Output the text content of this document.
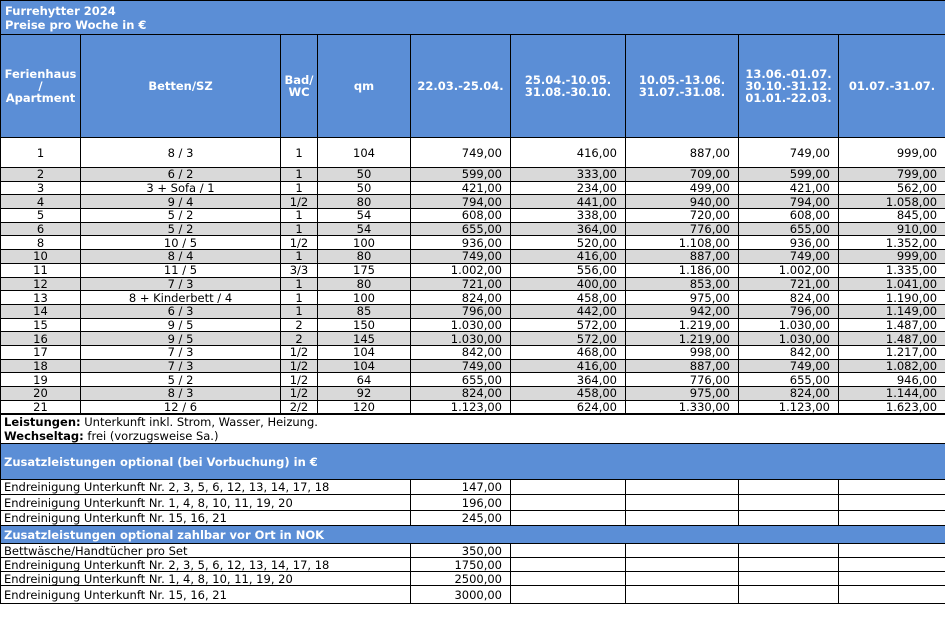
Furrehytter 2024
Preise pro Woche in €								

Ferienhaus / Apartment	Betten/SZ	Bad/ WC	qm	22.03.-25.04.	25.04.-10.05. 31.08.-30.10.	10.05.-13.06. 31.07.-31.08.	13.06.-01.07. 30.10.-31.12. 01.01.-22.03.	01.07.-31.07.
1	8 / 3	1	104	749,00	416,00	887,00	749,00	999,00
2	6 / 2	1	50	599,00	333,00	709,00	599,00	799,00
3	3 + Sofa / 1	1	50	421,00	234,00	499,00	421,00	562,00
4	9 / 4	1/2	80	794,00	441,00	940,00	794,00	1.058,00
5	5 / 2	1	54	608,00	338,00	720,00	608,00	845,00
6	5 / 2	1	54	655,00	364,00	776,00	655,00	910,00
8	10 / 5	1/2	100	936,00	520,00	1.108,00	936,00	1.352,00
10	8 / 4	1	80	749,00	416,00	887,00	749,00	999,00
11	11 / 5	3/3	175	1.002,00	556,00	1.186,00	1.002,00	1.335,00
12	7 / 3	1	80	721,00	400,00	853,00	721,00	1.041,00
13	8 + Kinderbett / 4	1	100	824,00	458,00	975,00	824,00	1.190,00
14	6 / 3	1	85	796,00	442,00	942,00	796,00	1.149,00
15	9 / 5	2	150	1.030,00	572,00	1.219,00	1.030,00	1.487,00
16	9 / 5	2	145	1.030,00	572,00	1.219,00	1.030,00	1.487,00
17	7 / 3	1/2	104	842,00	468,00	998,00	842,00	1.217,00
18	7 / 3	1/2	104	749,00	416,00	887,00	749,00	1.082,00
19	5 / 2	1/2	64	655,00	364,00	776,00	655,00	946,00
20	8 / 3	1/2	92	824,00	458,00	975,00	824,00	1.144,00
21	12 / 6	2/2	120	1.123,00	624,00	1.330,00	1.123,00	1.623,00

Leistungen: Unterkunft inkl. Strom, Wasser, Heizung.
Wechseltag: frei (vorzugsweise Sa.)								

Zusatzleistungen optional (bei Vorbuchung) in €								
Endreinigung Unterkunft Nr. 2, 3, 5, 6, 12, 13, 14, 17, 18				147,00				
Endreinigung Unterkunft Nr. 1, 4, 8, 10, 11, 19, 20				196,00				
Endreinigung Unterkunft Nr. 15, 16, 21				245,00				
Zusatzleistungen optional zahlbar vor Ort in NOK								
Bettwäsche/Handtücher pro Set				350,00				
Endreinigung Unterkunft Nr. 2, 3, 5, 6, 12, 13, 14, 17, 18				1750,00				
Endreinigung Unterkunft Nr. 1, 4, 8, 10, 11, 19, 20				2500,00				
Endreinigung Unterkunft Nr. 15, 16, 21				3000,00				
